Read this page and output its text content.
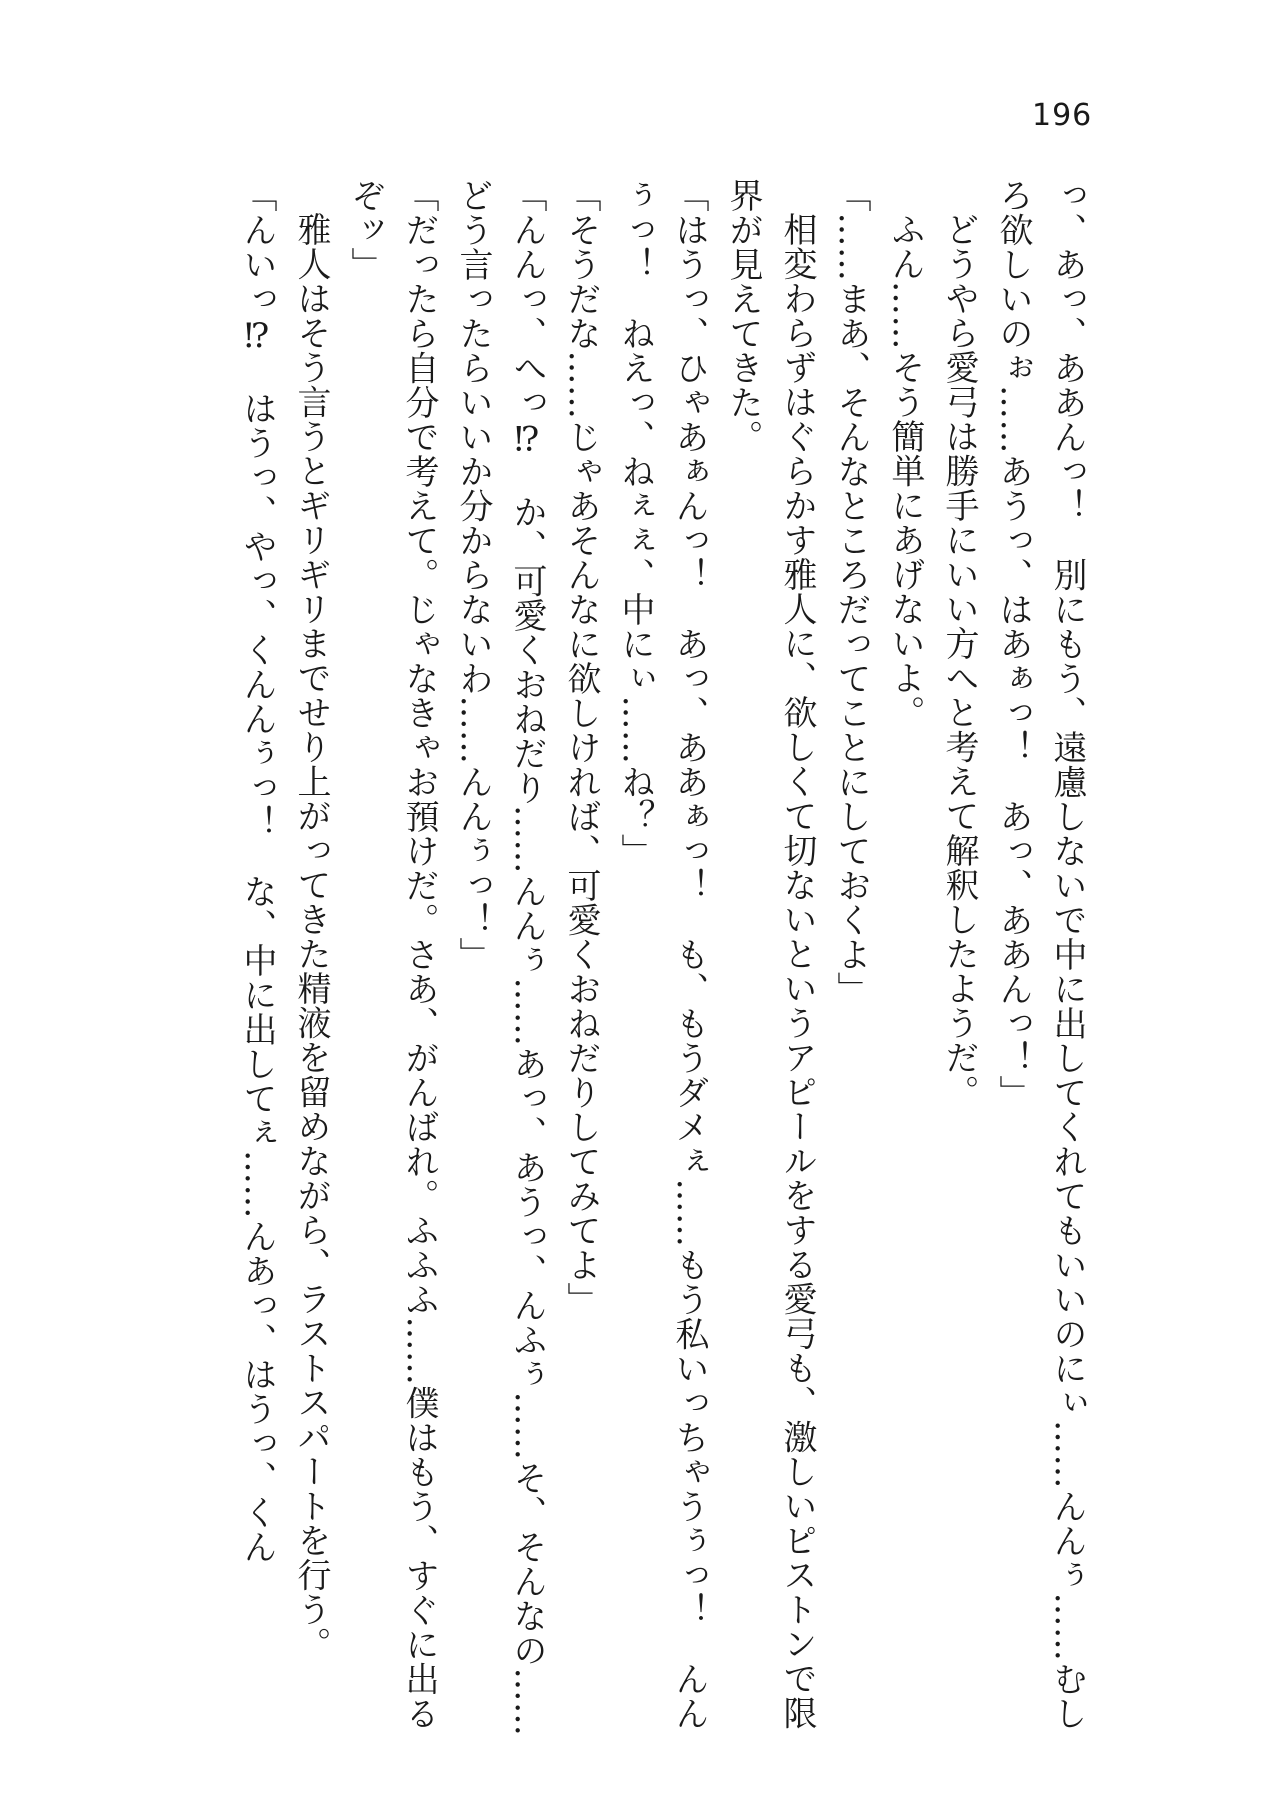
196

っ、あっ、ああんっ！　別にもう、遠慮しないで中に出してくれてもいいのにぃ……んんぅ……むしろ欲しいのぉ……あうっ、はあぁっ！　あっ、ああんっ！」

どうやら愛弓は勝手にいい方へと考えて解釈したようだ。

ふん……そう簡単にあげないよ。

「……まあ、そんなところだってことにしておくよ」

相変わらずはぐらかす雅人に、欲しくて切ないというアピールをする愛弓も、激しいピストンで限界が見えてきた。

「はうっ、ひゃあぁんっ！　あっ、ああぁっ！　も、もうダメぇ……もう私いっちゃうぅっ！　んんぅっ！　ねえっ、ねぇぇ、中にぃ……ね？」

「そうだな……じゃあそんなに欲しければ、可愛くおねだりしてみてよ」

「んんっ、へっ⁉　か、可愛くおねだり……んんぅ……あっ、あうっ、んふぅ……そ、そんなの……どう言ったらいいか分からないわ……んんぅっ！」

「だったら自分で考えて。じゃなきゃお預けだ。さあ、がんばれ。ふふふ……僕はもう、すぐに出るぞッ」

雅人はそう言うとギリギリまでせり上がってきた精液を留めながら、ラストスパートを行う。

「んいっ⁉　はうっ、やっ、くんんぅっ！　な、中に出してぇ……んあっ、はうっ、くん
